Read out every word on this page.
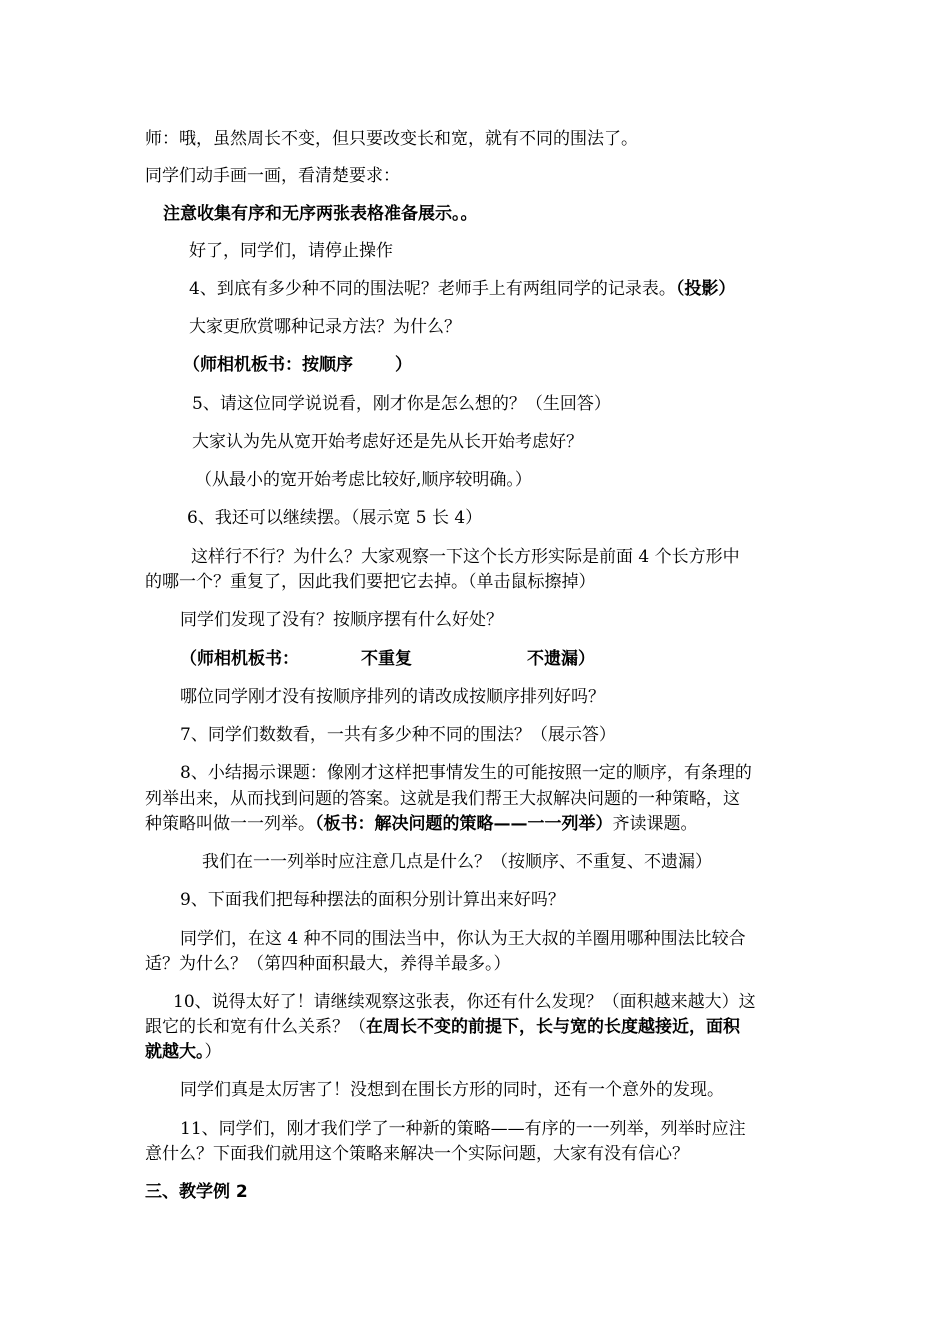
师：哦，虽然周长不变，但只要改变长和宽，就有不同的围法了。
同学们动手画一画，看清楚要求：
注意收集有序和无序两张表格准备展示。。
好了，同学们，请停止操作
4、到底有多少种不同的围法呢？老师手上有两组同学的记录表。（投影）
大家更欣赏哪种记录方法？为什么？
（师相机板书：按顺序 ）
5、请这位同学说说看，刚才你是怎么想的？（生回答）
大家认为先从宽开始考虑好还是先从长开始考虑好？
（从最小的宽开始考虑比较好,顺序较明确。）
6、我还可以继续摆。（展示宽 5 长 4）
这样行不行？为什么？大家观察一下这个长方形实际是前面 4 个长方形中
的哪一个？重复了，因此我们要把它去掉。（单击鼠标擦掉）
同学们发现了没有？按顺序摆有什么好处？
（师相机板书：	不重复	不遗漏）
哪位同学刚才没有按顺序排列的请改成按顺序排列好吗？
7、同学们数数看，一共有多少种不同的围法？（展示答）
8、小结揭示课题：像刚才这样把事情发生的可能按照一定的顺序，有条理的
列举出来，从而找到问题的答案。这就是我们帮王大叔解决问题的一种策略，这
种策略叫做一一列举。（板书：解决问题的策略——一一列举）齐读课题。
我们在一一列举时应注意几点是什么？（按顺序、不重复、不遗漏）
9、下面我们把每种摆法的面积分别计算出来好吗？
同学们，在这 4 种不同的围法当中，你认为王大叔的羊圈用哪种围法比较合
适？为什么？（第四种面积最大，养得羊最多。）
10、说得太好了！请继续观察这张表，你还有什么发现？（面积越来越大）这
跟它的长和宽有什么关系？（在周长不变的前提下，长与宽的长度越接近，面积
就越大。）
同学们真是太厉害了！没想到在围长方形的同时，还有一个意外的发现。
11、同学们，刚才我们学了一种新的策略——有序的一一列举，列举时应注
意什么？下面我们就用这个策略来解决一个实际问题，大家有没有信心？
三、教学例 2
